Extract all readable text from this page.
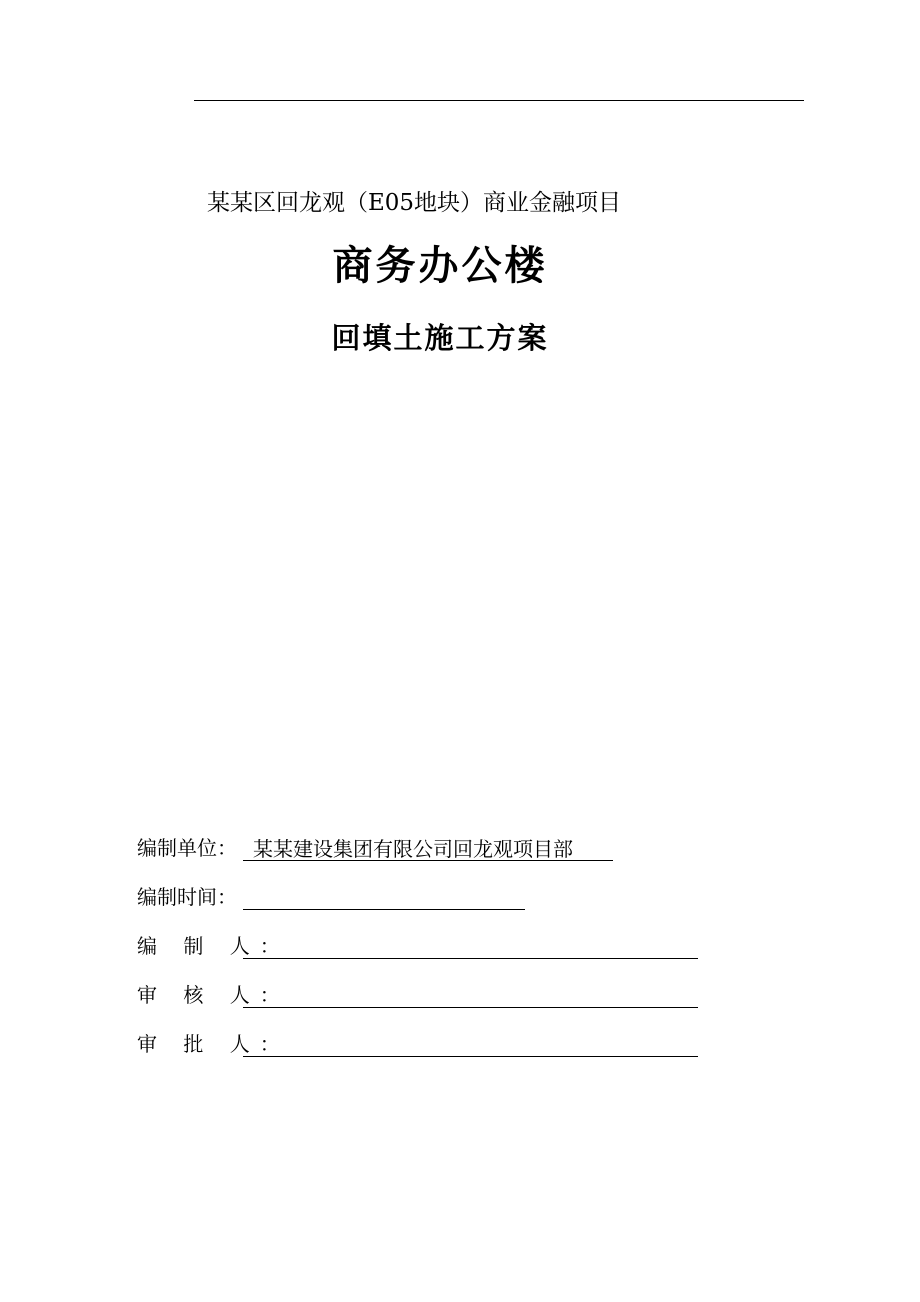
某某区回龙观（E05地块）商业金融项目
商务办公楼
回填土施工方案
编制单位： 某某建设集团有限公司回龙观项目部
编制时间：
编 制 人：
审 核 人：
审 批 人：
